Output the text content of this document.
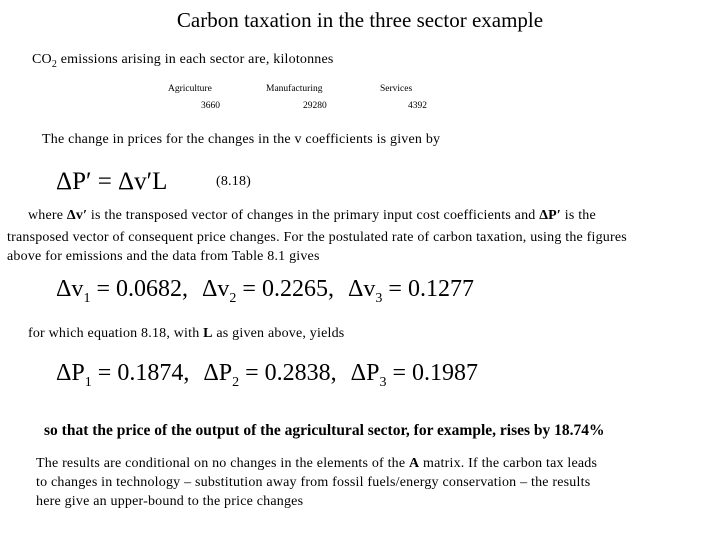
Carbon taxation in the three sector example
$CO_2$ emissions arising in each sector are, kilotonnes
Agriculture	Manufacturing	Services
3660	29280	4392
The change in prices for the changes in the v coefficients is given by
ΔP′ = Δv′L	(8.18)
where Δv′ is the transposed vector of changes in the primary input cost coefficients and ΔP′ is the
transposed vector of consequent price changes. For the postulated rate of carbon taxation, using the figures
above for emissions and the data from Table 8.1 gives
$\Delta v_1 = 0.0682$, $\Delta v_2 = 0.2265$, $\Delta v_3 = 0.1277$
for which equation 8.18, with L as given above, yields
$\Delta P_1 = 0.1874$, $\Delta P_2 = 0.2838$, $\Delta P_3 = 0.1987$
so that the price of the output of the agricultural sector, for example, rises by 18.74%
The results are conditional on no changes in the elements of the A matrix. If the carbon tax leads
to changes in technology – substitution away from fossil fuels/energy conservation – the results
here give an upper-bound to the price changes
